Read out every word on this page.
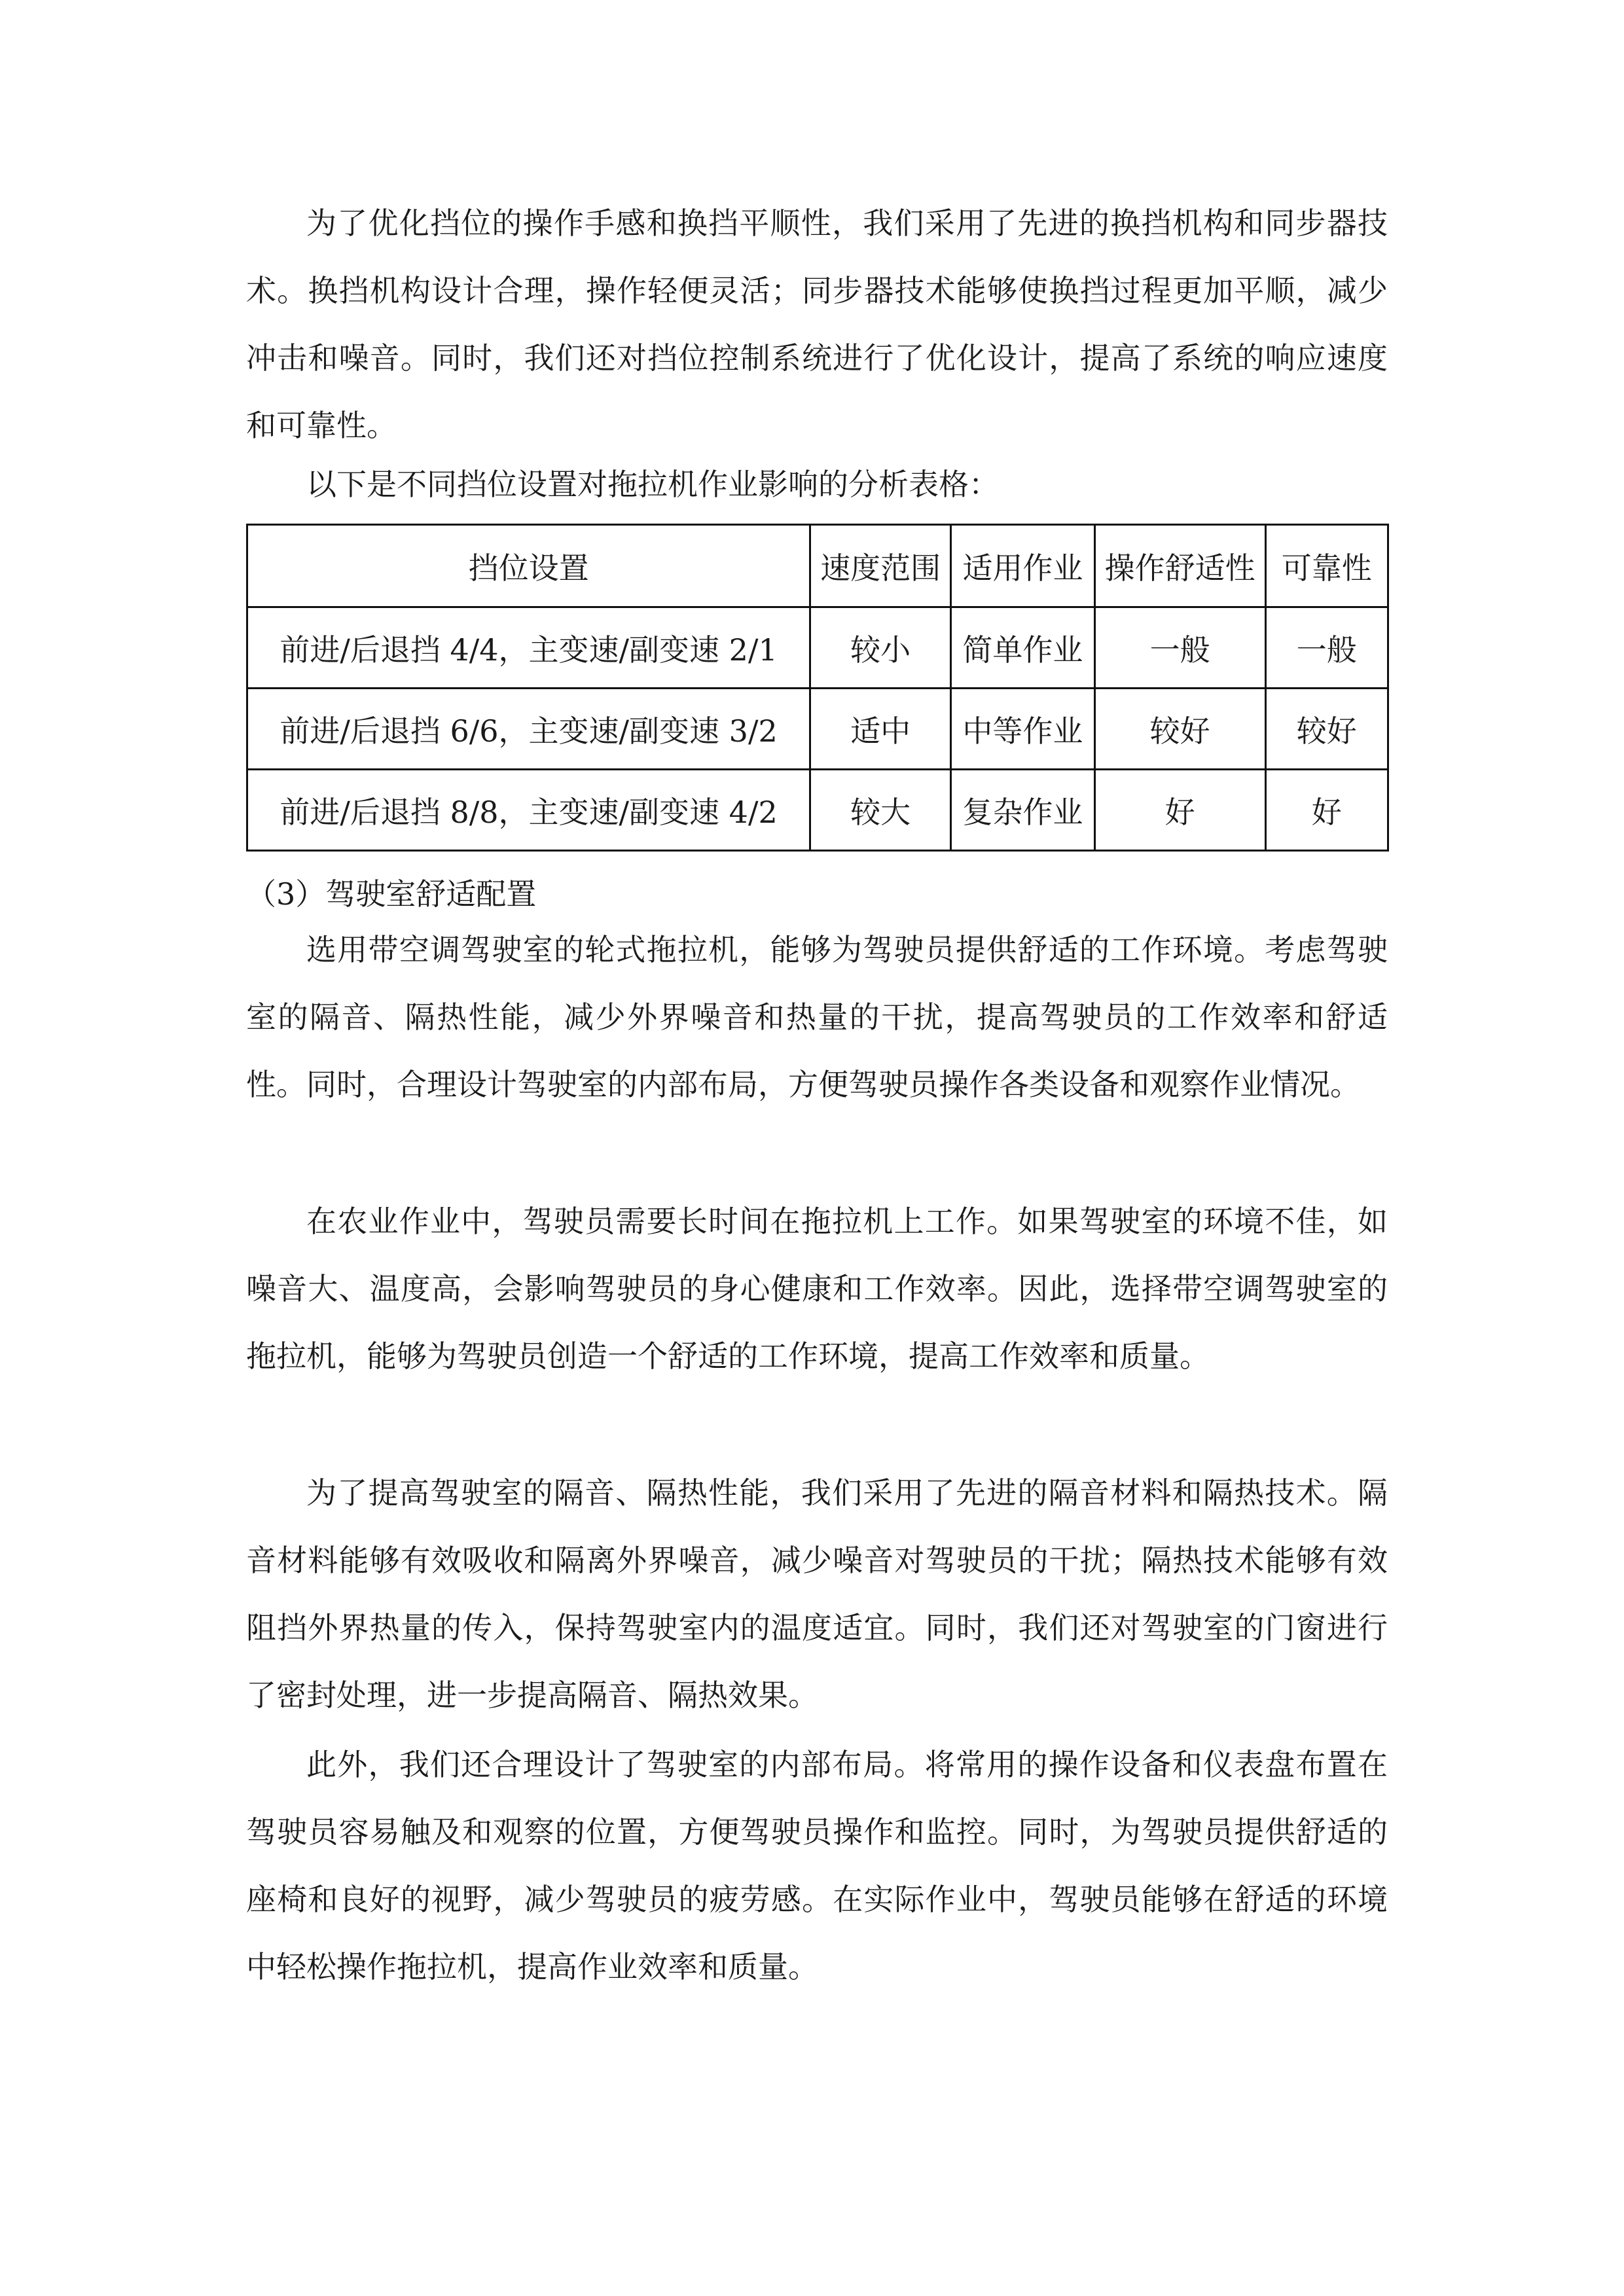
为了优化挡位的操作手感和换挡平顺性，我们采用了先进的换挡机构和同步器技术。换挡机构设计合理，操作轻便灵活；同步器技术能够使换挡过程更加平顺，减少冲击和噪音。同时，我们还对挡位控制系统进行了优化设计，提高了系统的响应速度和可靠性。

以下是不同挡位设置对拖拉机作业影响的分析表格：

挡位设置	速度范围	适用作业	操作舒适性	可靠性
前进/后退挡 4/4，主变速/副变速 2/1	较小	简单作业	一般	一般
前进/后退挡 6/6，主变速/副变速 3/2	适中	中等作业	较好	较好
前进/后退挡 8/8，主变速/副变速 4/2	较大	复杂作业	好	好

（3）驾驶室舒适配置

选用带空调驾驶室的轮式拖拉机，能够为驾驶员提供舒适的工作环境。考虑驾驶室的隔音、隔热性能，减少外界噪音和热量的干扰，提高驾驶员的工作效率和舒适性。同时，合理设计驾驶室的内部布局，方便驾驶员操作各类设备和观察作业情况。

在农业作业中，驾驶员需要长时间在拖拉机上工作。如果驾驶室的环境不佳，如噪音大、温度高，会影响驾驶员的身心健康和工作效率。因此，选择带空调驾驶室的拖拉机，能够为驾驶员创造一个舒适的工作环境，提高工作效率和质量。

为了提高驾驶室的隔音、隔热性能，我们采用了先进的隔音材料和隔热技术。隔音材料能够有效吸收和隔离外界噪音，减少噪音对驾驶员的干扰；隔热技术能够有效阻挡外界热量的传入，保持驾驶室内的温度适宜。同时，我们还对驾驶室的门窗进行了密封处理，进一步提高隔音、隔热效果。

此外，我们还合理设计了驾驶室的内部布局。将常用的操作设备和仪表盘布置在驾驶员容易触及和观察的位置，方便驾驶员操作和监控。同时，为驾驶员提供舒适的座椅和良好的视野，减少驾驶员的疲劳感。在实际作业中，驾驶员能够在舒适的环境中轻松操作拖拉机，提高作业效率和质量。
